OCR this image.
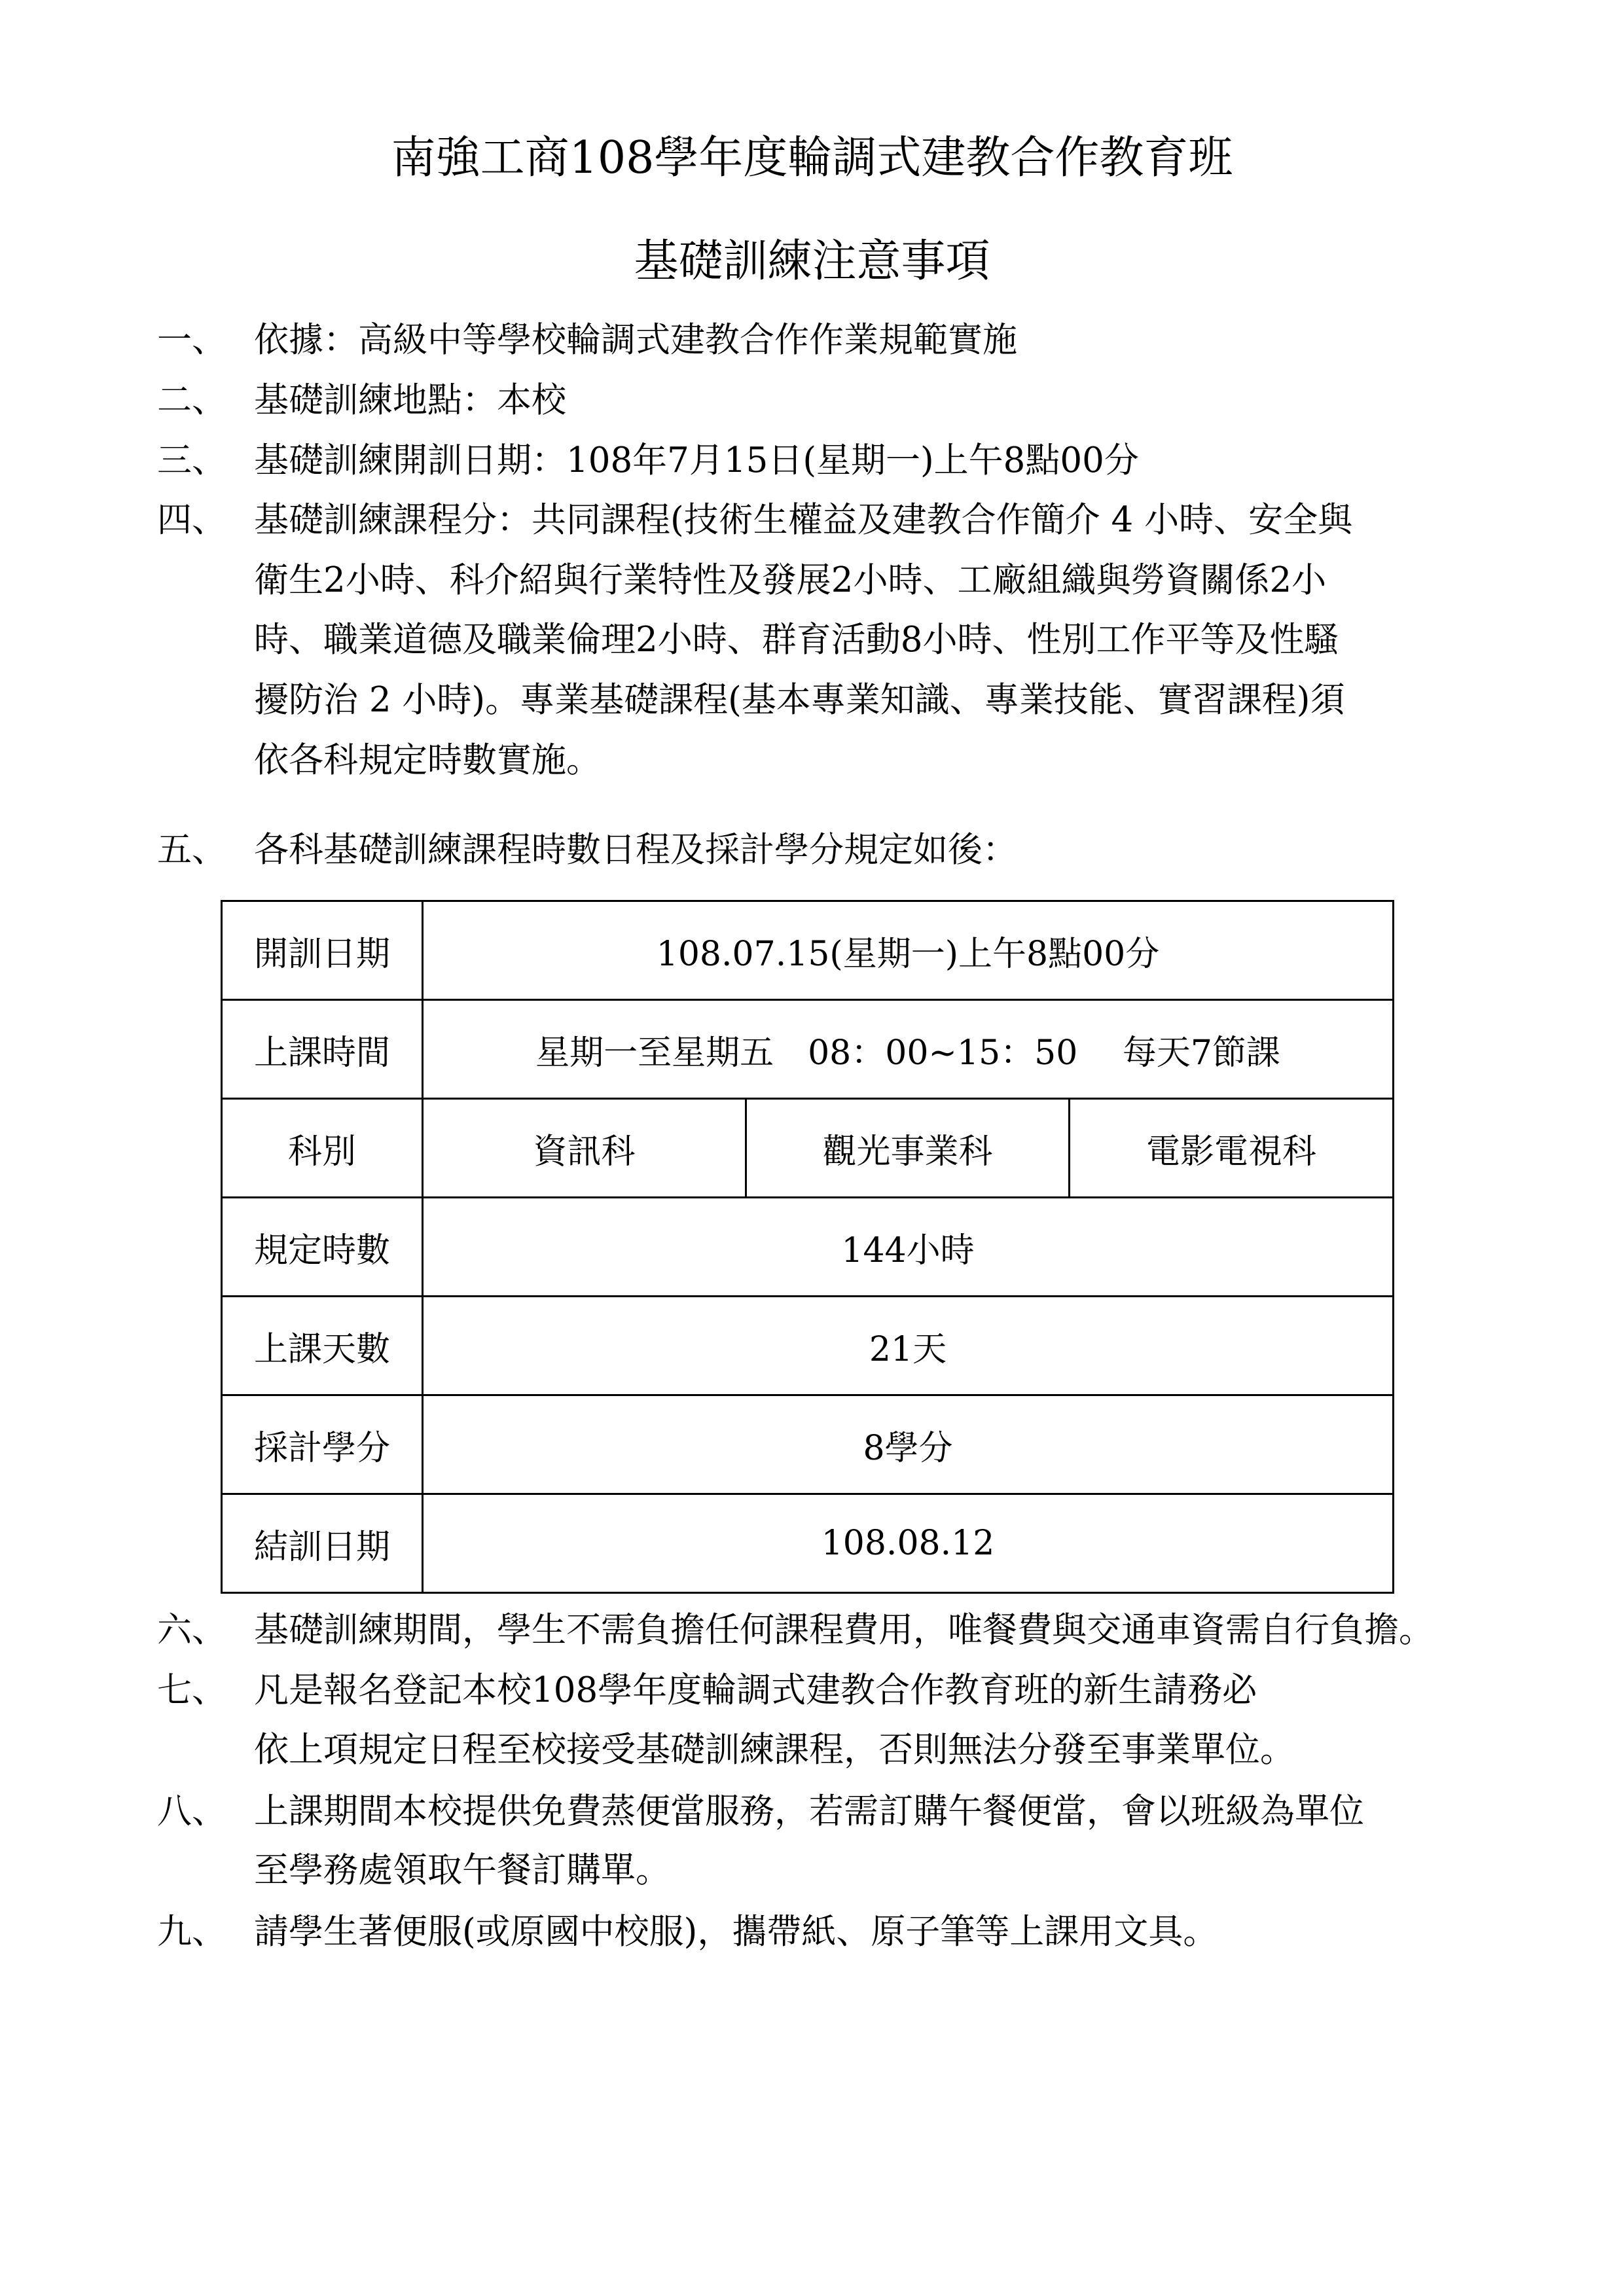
南強工商108學年度輪調式建教合作教育班
基礎訓練注意事項
一、 依據：高級中等學校輪調式建教合作作業規範實施
二、 基礎訓練地點：本校
三、 基礎訓練開訓日期：108年7月15日(星期一)上午8點00分
四、 基礎訓練課程分：共同課程(技術生權益及建教合作簡介 4 小時、安全與
衛生2小時、科介紹與行業特性及發展2小時、工廠組織與勞資關係2小
時、職業道德及職業倫理2小時、群育活動8小時、性別工作平等及性騷
擾防治 2 小時)。專業基礎課程(基本專業知識、專業技能、實習課程)須
依各科規定時數實施。
五、 各科基礎訓練課程時數日程及採計學分規定如後：
開訓日期	108.07.15(星期一)上午8點00分		
上課時間	星期一至星期五　08：00~15：50　 每天7節課		
科別	資訊科	觀光事業科	電影電視科
規定時數	144小時		
上課天數	21天		
採計學分	8學分		
結訓日期	108.08.12		
六、 基礎訓練期間，學生不需負擔任何課程費用，唯餐費與交通車資需自行負擔。
七、 凡是報名登記本校108學年度輪調式建教合作教育班的新生請務必
依上項規定日程至校接受基礎訓練課程，否則無法分發至事業單位。
八、 上課期間本校提供免費蒸便當服務，若需訂購午餐便當，會以班級為單位
至學務處領取午餐訂購單。
九、 請學生著便服(或原國中校服)，攜帶紙、原子筆等上課用文具。
